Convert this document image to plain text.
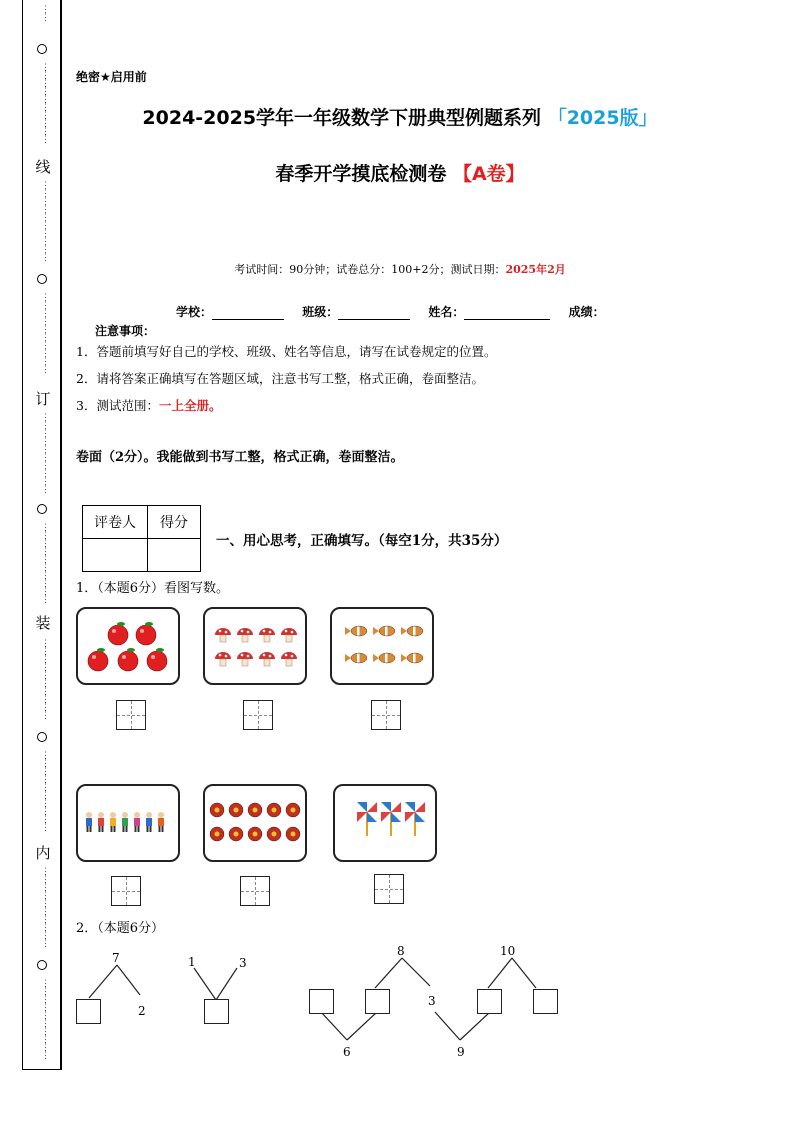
⋮
⋮
⋮
⋮
⋮
⋮
⋮
⋮
⋮
⋮
⋮
⋮
线
⋮
⋮
⋮
⋮
⋮
⋮
⋮
⋮
⋮
⋮
⋮
⋮
⋮
⋮
⋮
⋮
⋮
⋮
⋮
⋮
订
⋮
⋮
⋮
⋮
⋮
⋮
⋮
⋮
⋮
⋮
⋮
⋮
⋮
⋮
⋮
⋮
⋮
⋮
⋮
⋮
装
⋮
⋮
⋮
⋮
⋮
⋮
⋮
⋮
⋮
⋮
⋮
⋮
⋮
⋮
⋮
⋮
⋮
⋮
⋮
⋮
内
⋮
⋮
⋮
⋮
⋮
⋮
⋮
⋮
⋮
⋮
⋮
⋮
⋮
⋮
⋮
⋮
⋮
⋮
⋮
⋮
绝密★启用前
2024-2025学年一年级数学下册典型例题系列 「2025版」
春季开学摸底检测卷 【A卷】
考试时间：90分钟；试卷总分：100+2分；测试日期：2025年2月
学校：	班级：	姓名：	成绩：
注意事项：
1．答题前填写好自己的学校、班级、姓名等信息，请写在试卷规定的位置。
2．请将答案正确填写在答题区域，注意书写工整，格式正确，卷面整洁。
3．测试范围：一上全册。
卷面（2分）。我能做到书写工整，格式正确，卷面整洁。
评卷人	得分

一、用心思考，正确填写。（每空1分，共35分）
1．（本题6分）看图写数。
2．（本题6分）
7
2
1	3
8
3
10
6	9
